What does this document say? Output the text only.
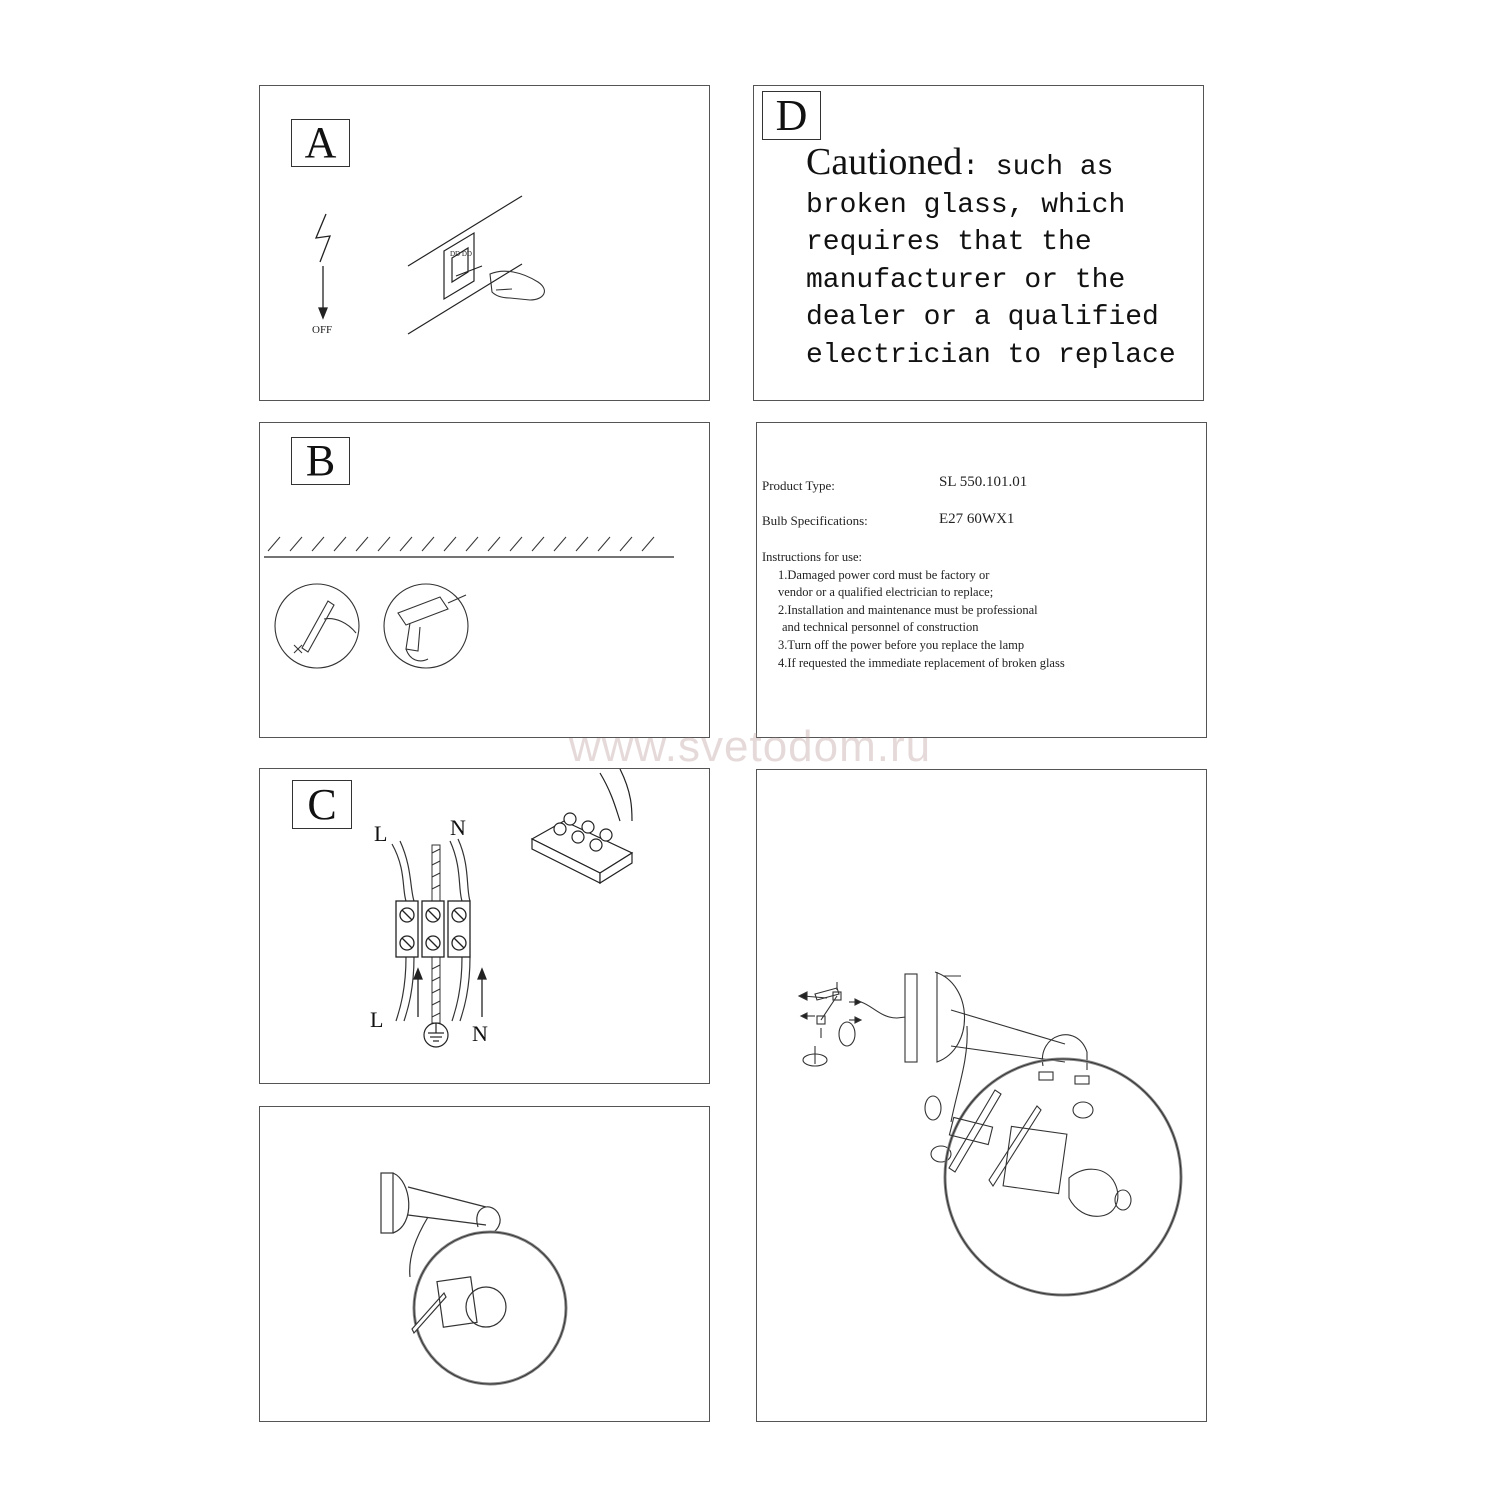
A
DD DD
OFF
D

Cautioned: such as broken glass, which requires that the manufacturer or the dealer or a qualified electrician to replace

B
Product Type:	SL 550.101.01
Bulb Specifications:	E27 60WX1
Instructions for use:
1.Damaged power cord must be factory or
vendor or a qualified electrician to replace;
2.Installation and maintenance must be professional
and technical personnel of construction
3.Turn off the power before you replace the lamp
4.If requested the immediate replacement of broken glass
C
L	N
L
N
www.svetodom.ru
